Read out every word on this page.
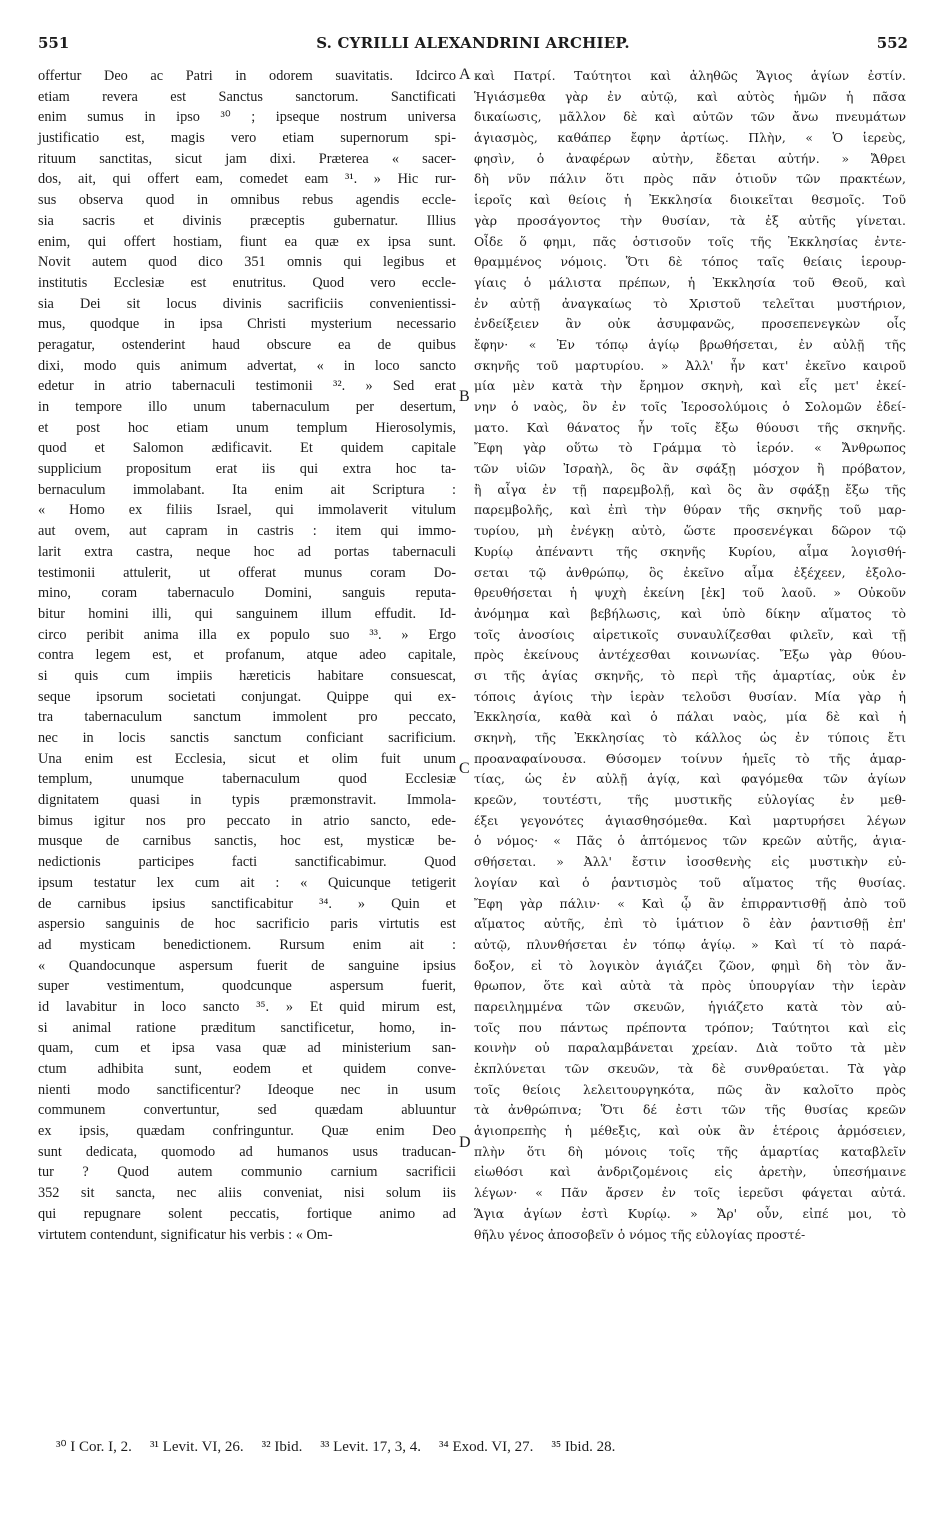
551	S. CYRILLI ALEXANDRINI ARCHIEP.	552
offertur Deo ac Patri in odorem suavitatis. Idcirco
etiam revera est Sanctus sanctorum. Sanctificati
enim sumus in ipso ³⁰ ; ipseque nostrum universa
justificatio est, magis vero etiam supernorum spi-
rituum sanctitas, sicut jam dixi. Præterea « sacer-
dos, ait, qui offert eam, comedet eam ³¹. » Hic rur-
sus observa quod in omnibus rebus agendis eccle-
sia sacris et divinis præceptis gubernatur. Illius
enim, qui offert hostiam, fiunt ea quæ ex ipsa sunt.
Novit autem quod dico 351 omnis qui legibus et
institutis Ecclesiæ est enutritus. Quod vero eccle-
sia Dei sit locus divinis sacrificiis convenientissi-
mus, quodque in ipsa Christi mysterium necessario
peragatur, ostenderint haud obscure ea de quibus
dixi, modo quis animum advertat, « in loco sancto
edetur in atrio tabernaculi testimonii ³². » Sed erat
in tempore illo unum tabernaculum per desertum,
et post hoc etiam unum templum Hierosolymis,
quod et Salomon ædificavit. Et quidem capitale
supplicium propositum erat iis qui extra hoc ta-
bernaculum immolabant. Ita enim ait Scriptura :
« Homo ex filiis Israel, qui immolaverit vitulum
aut ovem, aut capram in castris : item qui immo-
larit extra castra, neque hoc ad portas tabernaculi
testimonii attulerit, ut offerat munus coram Do-
mino, coram tabernaculo Domini, sanguis reputa-
bitur homini illi, qui sanguinem illum effudit. Id-
circo peribit anima illa ex populo suo ³³. » Ergo
contra legem est, et profanum, atque adeo capitale,
si quis cum impiis hæreticis habitare consuescat,
seque ipsorum societati conjungat. Quippe qui ex-
tra tabernaculum sanctum immolent pro peccato,
nec in locis sanctis sanctum conficiant sacrificium.
Una enim est Ecclesia, sicut et olim fuit unum
templum, unumque tabernaculum quod Ecclesiæ
dignitatem quasi in typis præmonstravit. Immola-
bimus igitur nos pro peccato in atrio sancto, ede-
musque de carnibus sanctis, hoc est, mysticæ be-
nedictionis participes facti sanctificabimur. Quod
ipsum testatur lex cum ait : « Quicunque tetigerit
de carnibus ipsius sanctificabitur ³⁴. » Quin et
aspersio sanguinis de hoc sacrificio paris virtutis est
ad mysticam benedictionem. Rursum enim ait :
« Quandocunque aspersum fuerit de sanguine ipsius
super vestimentum, quodcunque aspersum fuerit,
id lavabitur in loco sancto ³⁵. » Et quid mirum est,
si animal ratione præditum sanctificetur, homo, in-
quam, cum et ipsa vasa quæ ad ministerium san-
ctum adhibita sunt, eodem et quidem conve-
nienti modo sanctificentur? Ideoque nec in usum
communem convertuntur, sed quædam abluuntur
ex ipsis, quædam confringuntur. Quæ enim Deo
sunt dedicata, quomodo ad humanos usus traducan-
tur ? Quod autem communio carnium sacrificii
352 sit sancta, nec aliis conveniat, nisi solum iis
qui repugnare solent peccatis, fortique animo ad
virtutem contendunt, significatur his verbis : « Om-
καὶ Πατρί. Ταύτητοι καὶ ἀληθῶς Ἅγιος ἁγίων ἐστίν.
Ἡγιάσμεθα γὰρ ἐν αὐτῷ, καὶ αὐτὸς ἡμῶν ἡ πᾶσα
δικαίωσις, μᾶλλον δὲ καὶ αὐτῶν τῶν ἄνω πνευμάτων
ἁγιασμὸς, καθάπερ ἔφην ἀρτίως. Πλὴν, « Ὁ ἱερεὺς,
φησὶν, ὁ ἀναφέρων αὐτὴν, ἔδεται αὐτήν. » Ἄθρει
δὴ νῦν πάλιν ὅτι πρὸς πᾶν ὁτιοῦν τῶν πρακτέων,
ἱεροῖς καὶ θείοις ἡ Ἐκκλησία διοικεῖται θεσμοῖς. Τοῦ
γὰρ προσάγοντος τὴν θυσίαν, τὰ ἐξ αὐτῆς γίνεται.
Οἶδε ὅ φημι, πᾶς ὁστισοῦν τοῖς τῆς Ἐκκλησίας ἐντε-
θραμμένος νόμοις. Ὅτι δὲ τόπος ταῖς θείαις ἱερουρ-
γίαις ὁ μάλιστα πρέπων, ἡ Ἐκκλησία τοῦ Θεοῦ, καὶ
ἐν αὐτῇ ἀναγκαίως τὸ Χριστοῦ τελεῖται μυστήριον,
ἐνδείξειεν ἂν οὐκ ἀσυμφανῶς, προσεπενεγκὼν οἷς
ἔφην· « Ἐν τόπῳ ἁγίῳ βρωθήσεται, ἐν αὐλῇ τῆς
σκηνῆς τοῦ μαρτυρίου. » Ἀλλ' ἦν κατ' ἐκεῖνο καιροῦ
μία μὲν κατὰ τὴν ἔρημον σκηνὴ, καὶ εἷς μετ' ἐκεί-
νην ὁ ναὸς, ὃν ἐν τοῖς Ἱεροσολύμοις ὁ Σολομῶν ἐδεί-
ματο. Καὶ θάνατος ἦν τοῖς ἔξω θύουσι τῆς σκηνῆς.
Ἔφη γὰρ οὕτω τὸ Γράμμα τὸ ἱερόν. « Ἄνθρωπος
τῶν υἱῶν Ἰσραὴλ, ὃς ἂν σφάξῃ μόσχον ἢ πρόβατον,
ἢ αἶγα ἐν τῇ παρεμβολῇ, καὶ ὃς ἂν σφάξῃ ἔξω τῆς
παρεμβολῆς, καὶ ἐπὶ τὴν θύραν τῆς σκηνῆς τοῦ μαρ-
τυρίου, μὴ ἐνέγκῃ αὐτὸ, ὥστε προσενέγκαι δῶρον τῷ
Κυρίῳ ἀπέναντι τῆς σκηνῆς Κυρίου, αἷμα λογισθή-
σεται τῷ ἀνθρώπῳ, ὃς ἐκεῖνο αἷμα ἐξέχεεν, ἐξολο-
θρευθήσεται ἡ ψυχὴ ἐκείνη [ἐκ] τοῦ λαοῦ. » Οὐκοῦν
ἀνόμημα καὶ βεβήλωσις, καὶ ὑπὸ δίκην αἵματος τὸ
τοῖς ἀνοσίοις αἱρετικοῖς συναυλίζεσθαι φιλεῖν, καὶ τῇ
πρὸς ἐκείνους ἀντέχεσθαι κοινωνίας. Ἔξω γὰρ θύου-
σι τῆς ἁγίας σκηνῆς, τὸ περὶ τῆς ἁμαρτίας, οὐκ ἐν
τόποις ἁγίοις τὴν ἱερὰν τελοῦσι θυσίαν. Μία γὰρ ἡ
Ἐκκλησία, καθὰ καὶ ὁ πάλαι ναὸς, μία δὲ καὶ ἡ
σκηνὴ, τῆς Ἐκκλησίας τὸ κάλλος ὡς ἐν τύποις ἔτι
προαναφαίνουσα. Θύσομεν τοίνυν ἡμεῖς τὸ τῆς ἁμαρ-
τίας, ὡς ἐν αὐλῇ ἁγίᾳ, καὶ φαγόμεθα τῶν ἁγίων
κρεῶν, τουτέστι, τῆς μυστικῆς εὐλογίας ἐν μεθ-
έξει γεγονότες ἁγιασθησόμεθα. Καὶ μαρτυρήσει λέγων
ὁ νόμος· « Πᾶς ὁ ἁπτόμενος τῶν κρεῶν αὐτῆς, ἁγια-
σθήσεται. » Ἀλλ' ἔστιν ἰσοσθενὴς εἰς μυστικὴν εὐ-
λογίαν καὶ ὁ ῥαντισμὸς τοῦ αἵματος τῆς θυσίας.
Ἔφη γὰρ πάλιν· « Καὶ ᾧ ἂν ἐπιρραντισθῇ ἀπὸ τοῦ
αἵματος αὐτῆς, ἐπὶ τὸ ἱμάτιον ὃ ἐὰν ῥαντισθῇ ἐπ'
αὐτῷ, πλυνθήσεται ἐν τόπῳ ἁγίῳ. » Καὶ τί τὸ παρά-
δοξον, εἰ τὸ λογικὸν ἁγιάζει ζῶον, φημὶ δὴ τὸν ἄν-
θρωπον, ὅτε καὶ αὐτὰ τὰ πρὸς ὑπουργίαν τὴν ἱερὰν
παρειλημμένα τῶν σκευῶν, ἡγιάζετο κατὰ τὸν αὐ-
τοῖς που πάντως πρέποντα τρόπον; Ταύτητοι καὶ εἰς
κοινὴν οὐ παραλαμβάνεται χρείαν. Διὰ τοῦτο τὰ μὲν
ἐκπλύνεται τῶν σκευῶν, τὰ δὲ συνθραύεται. Τὰ γὰρ
τοῖς θείοις λελειτουργηκότα, πῶς ἂν καλοῖτο πρὸς
τὰ ἀνθρώπινα; Ὅτι δέ ἐστι τῶν τῆς θυσίας κρεῶν
ἁγιοπρεπὴς ἡ μέθεξις, καὶ οὐκ ἂν ἑτέροις ἁρμόσειεν,
πλὴν ὅτι δὴ μόνοις τοῖς τῆς ἁμαρτίας καταβλεῖν
εἰωθόσι καὶ ἀνδριζομένοις εἰς ἀρετὴν, ὑπεσήμαινε
λέγων· « Πᾶν ἄρσεν ἐν τοῖς ἱερεῦσι φάγεται αὐτά.
Ἅγια ἁγίων ἐστὶ Κυρίῳ. » Ἄρ' οὖν, εἰπέ μοι, τὸ
θῆλυ γένος ἀποσοβεῖν ὁ νόμος τῆς εὐλογίας προστέ-
A
B
C
D
³⁰ I Cor. I, 2. ³¹ Levit. VI, 26. ³² Ibid. ³³ Levit. 17, 3, 4. ³⁴ Exod. VI, 27. ³⁵ Ibid. 28.
